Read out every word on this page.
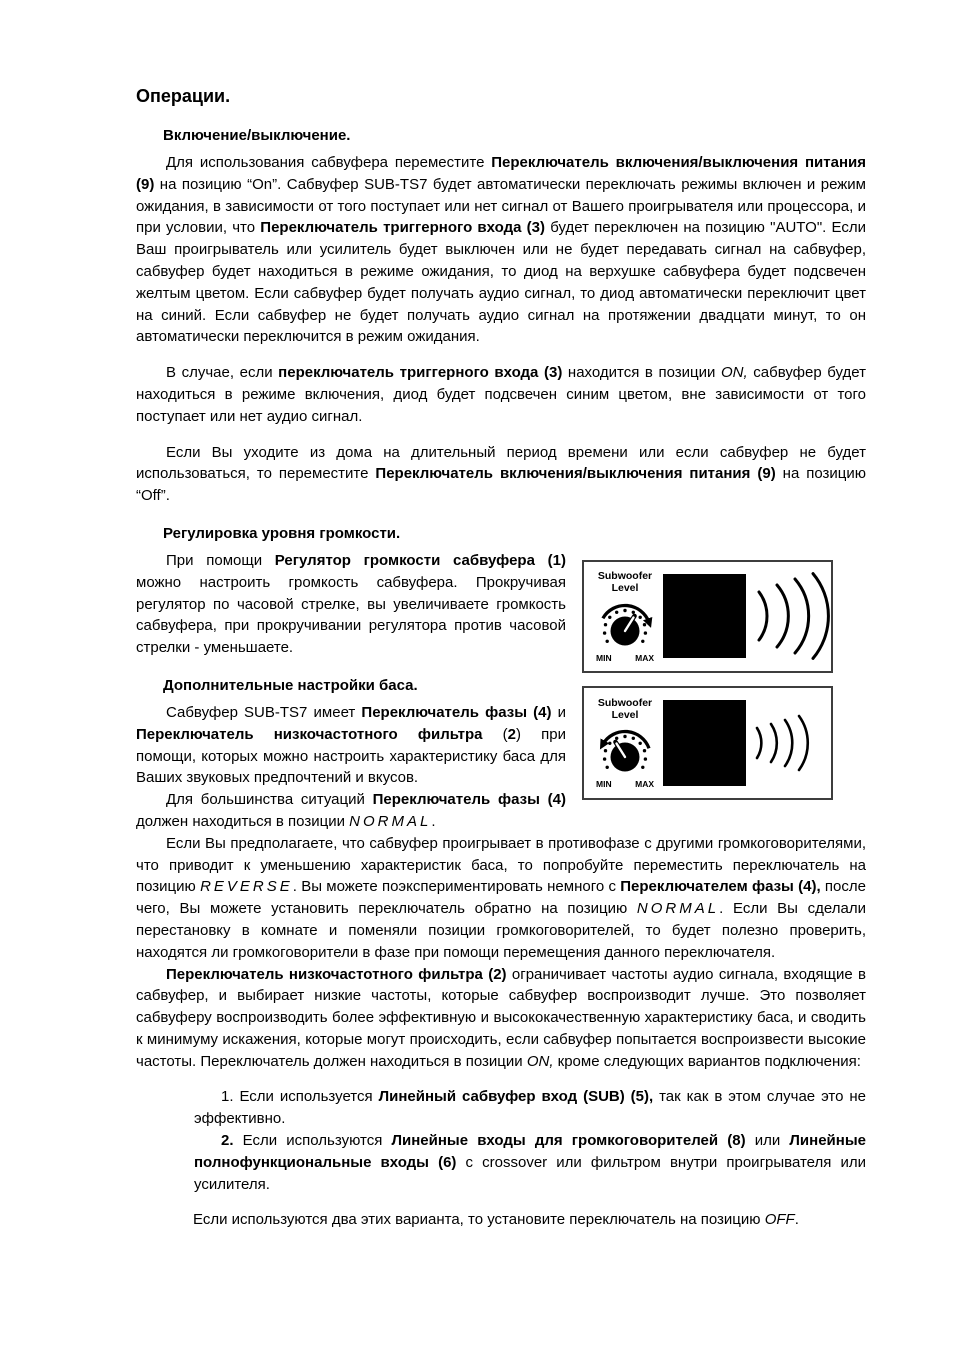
Операции.
Включение/выключение.

Для использования сабвуфера переместите Переключатель включения/выключения питания (9) на позицию “On”. Сабвуфер SUB-TS7 будет автоматически переключать режимы включен и режим ожидания, в зависимости от того поступает или нет сигнал от Вашего проигрывателя или процессора, и при условии, что Переключатель триггерного входа (3) будет переключен на позицию "AUTO". Если Ваш проигрыватель или усилитель будет выключен или не будет передавать сигнал на сабвуфер, сабвуфер будет находиться в режиме ожидания, то диод на верхушке сабвуфера будет подсвечен желтым цветом. Если сабвуфер будет получать аудио сигнал, то диод автоматически переключит цвет на синий. Если сабвуфер не будет получать аудио сигнал на протяжении двадцати минут, то он автоматически переключится в режим ожидания.

В случае, если переключатель триггерного входа (3) находится в позиции ON, сабвуфер будет находиться в режиме включения, диод будет подсвечен синим цветом, вне зависимости от того поступает или нет аудио сигнал.

Если Вы уходите из дома на длительный период времени или если сабвуфер не будет использоваться, то переместите Переключатель включения/выключения питания (9) на позицию “Off”.

Регулировка уровня громкости.
Subwoofer Level
MIN	MAX
Subwoofer Level
MIN	MAX

При помощи Регулятор громкости сабвуфера (1) можно настроить громкость сабвуфера. Прокручивая регулятор по часовой стрелке, вы увеличиваете громкость сабвуфера, при прокручивании регулятора против часовой стрелки - уменьшаете.

Дополнительные настройки баса.

Сабвуфер SUB-TS7 имеет Переключатель фазы (4) и Переключатель низкочастотного фильтра (2) при помощи, которых можно настроить характеристику баса для Ваших звуковых предпочтений и вкусов.

Для большинства ситуаций Переключатель фазы (4) должен находиться в позиции NORMAL.

Если Вы предполагаете, что сабвуфер проигрывает в противофазе с другими громкоговорителями, что приводит к уменьшению характеристик баса, то попробуйте переместить переключатель на позицию REVERSE. Вы можете поэкспериментировать немного с Переключателем фазы (4), после чего, Вы можете установить переключатель обратно на позицию NORMAL. Если Вы сделали перестановку в комнате и поменяли позиции громкоговорителей, то будет полезно проверить, находятся ли громкоговорители в фазе при помощи перемещения данного переключателя.

Переключатель низкочастотного фильтра (2) ограничивает частоты аудио сигнала, входящие в сабвуфер, и выбирает низкие частоты, которые сабвуфер воспроизводит лучше. Это позволяет сабвуферу воспроизводить более эффективную и высококачественную характеристику баса, и сводить к минимуму искажения, которые могут происходить, если сабвуфер попытается воспроизвести высокие частоты. Переключатель должен находиться в позиции ON, кроме следующих вариантов подключения:

1. Если используется Линейный сабвуфер вход (SUB) (5), так как в этом случае это не эффективно.

2. Если используются Линейные входы для громкоговорителей (8) или Линейные полнофункциональные входы (6) с crossover или фильтром внутри проигрывателя или усилителя.

Если используются два этих варианта, то установите переключатель на позицию OFF.
